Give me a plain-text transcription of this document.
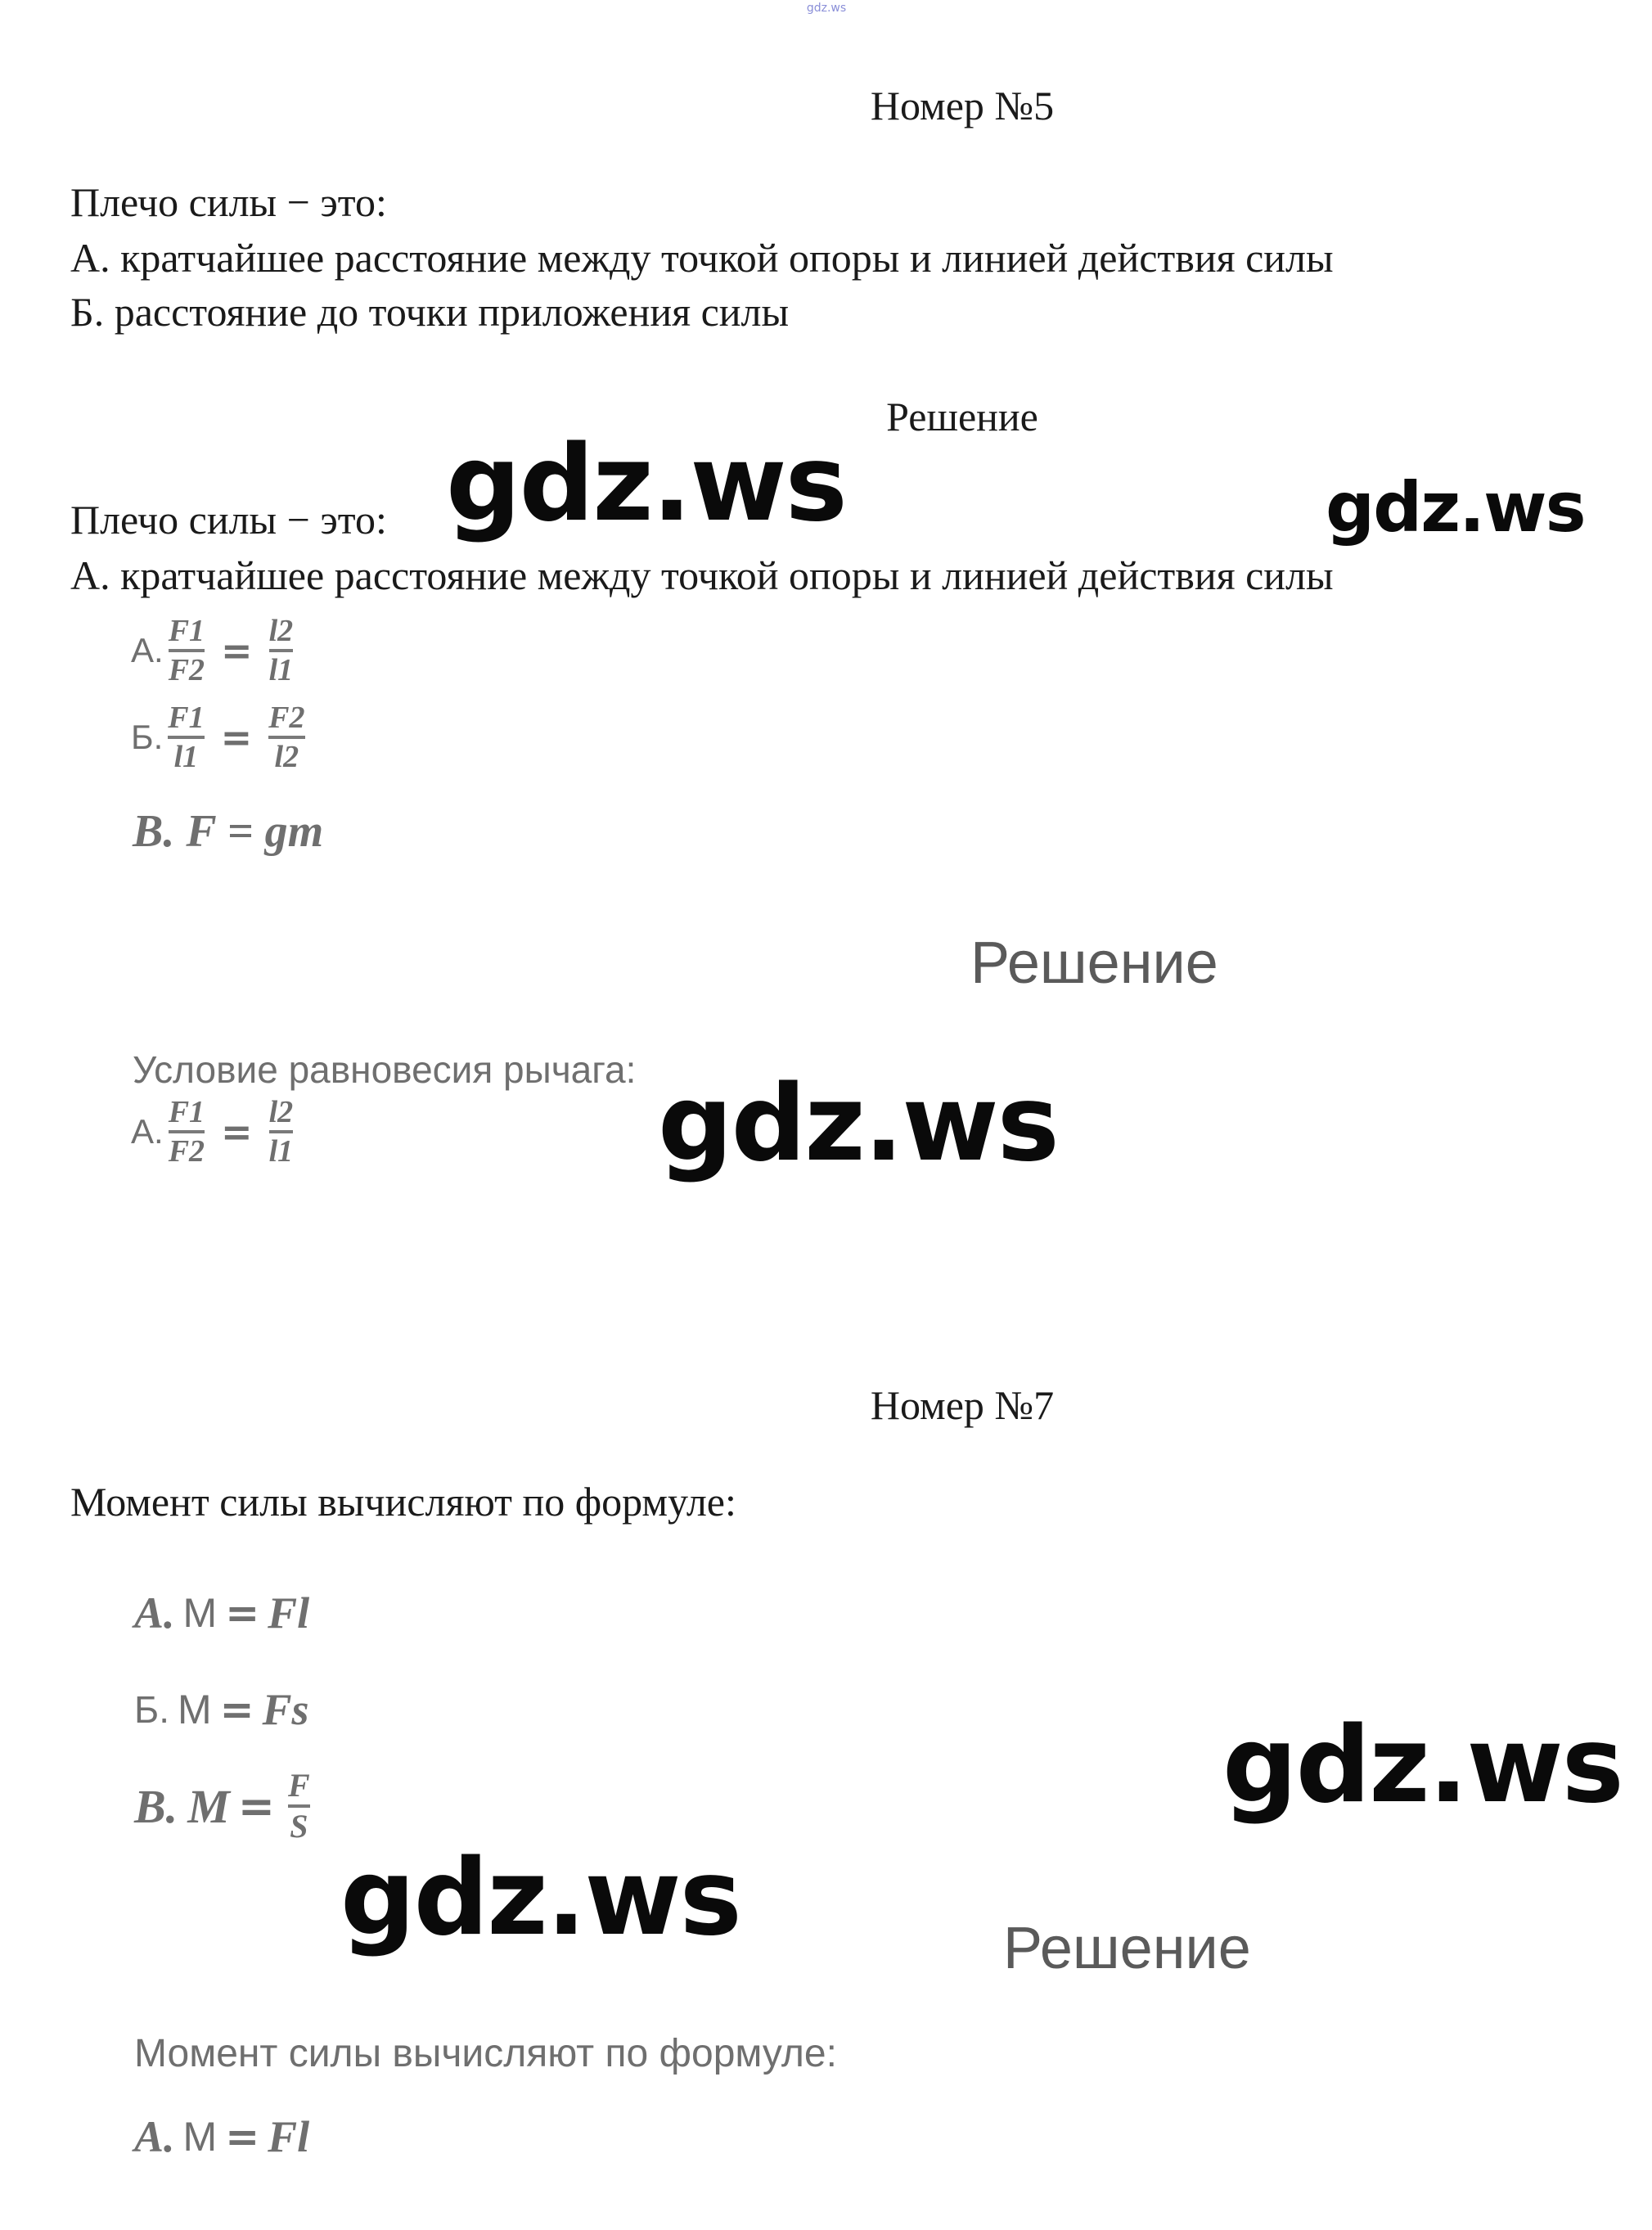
gdz.ws
Номер №5
Плечо силы − это:
А. кратчайшее расстояние между точкой опоры и линией действия силы
Б. расстояние до точки приложения силы
Решение
Плечо силы − это:
А. кратчайшее расстояние между точкой опоры и линией действия силы
gdz.ws	gdz.ws
А. $\frac{F1}{F2} = \frac{l2}{l1}$
Б. $\frac{F1}{l1} = \frac{F2}{l2}$
В. F = gm
Решение
Условие равновесия рычага:
А. $\frac{F1}{F2} = \frac{l2}{l1}$	gdz.ws
Номер №7
Момент силы вычисляют по формуле:
А. М = Fl
Б. М = Fs
В. $M = \frac{F}{S}$	gdz.ws
gdz.ws	Решение
Момент силы вычисляют по формуле:
А. М = Fl
